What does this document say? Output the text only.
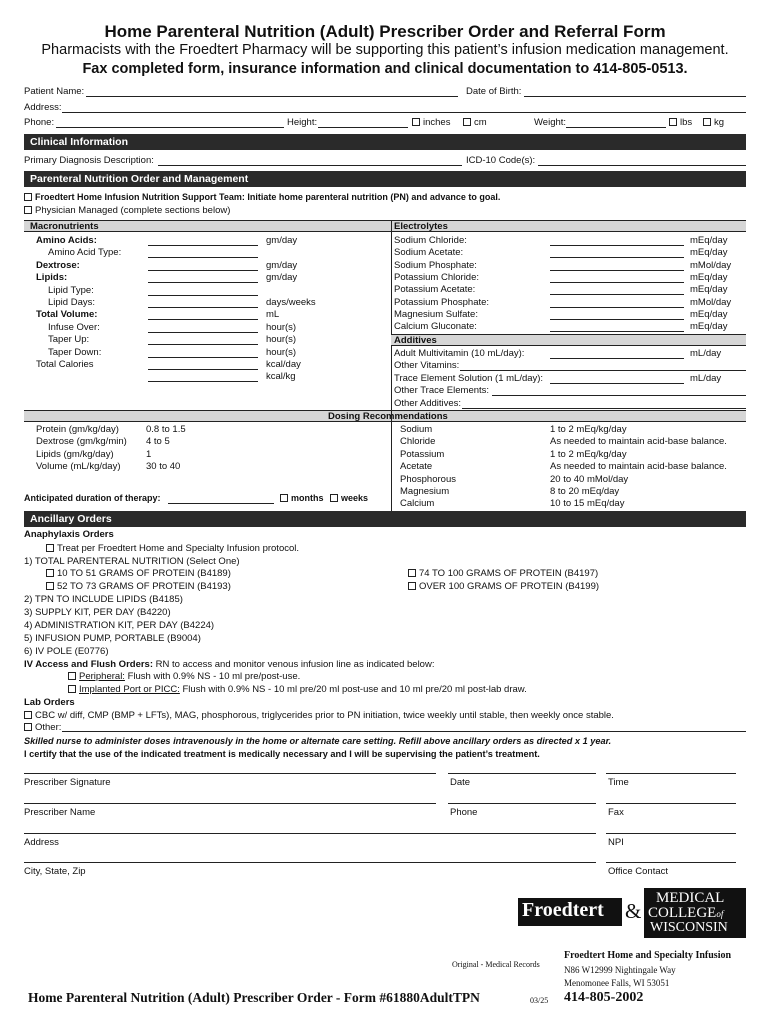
Home Parenteral Nutrition (Adult) Prescriber Order and Referral Form
Pharmacists with the Froedtert Pharmacy will be supporting this patient’s infusion medication management.
Fax completed form, insurance information and clinical documentation to 414-805-0513.
Patient Name:	Date of Birth:
Address:
Phone:	Height:	inches	cm	Weight:	lbs	kg
Clinical Information
Primary Diagnosis Description:	ICD-10 Code(s):
Parenteral Nutrition Order and Management
Froedtert Home Infusion Nutrition Support Team: Initiate home parenteral nutrition (PN) and advance to goal.
Physician Managed (complete sections below)
Macronutrients	Electrolytes
Amino Acids:	gm/day
Amino Acid Type:
Dextrose:	gm/day
Lipids:	gm/day
Lipid Type:
Lipid Days:	days/weeks
Total Volume:	mL
Infuse Over:	hour(s)
Taper Up:	hour(s)
Taper Down:	hour(s)
Total Calories	kcal/day
kcal/kg
Sodium Chloride:	mEq/day
Sodium Acetate:	mEq/day
Sodium Phosphate:	mMol/day
Potassium Chloride:	mEq/day
Potassium Acetate:	mEq/day
Potassium Phosphate:	mMol/day
Magnesium Sulfate:	mEq/day
Calcium Gluconate:	mEq/day
Additives
Adult Multivitamin (10 mL/day):	mL/day
Other Vitamins:
Trace Element Solution (1 mL/day):	mL/day
Other Trace Elements:
Other Additives:
Dosing Recommendations
Protein (gm/kg/day)	0.8 to 1.5
Dextrose (gm/kg/min) 4 to 5
Lipids (gm/kg/day)	1
Volume (mL/kg/day)	30 to 40
Sodium	1 to 2 mEq/kg/day
Chloride	As needed to maintain acid-base balance.
Potassium	1 to 2 mEq/kg/day
Acetate	As needed to maintain acid-base balance.
Phosphorous	20 to 40 mMol/day
Magnesium	8 to 20 mEq/day
Calcium	10 to 15 mEq/day
Anticipated duration of therapy:	months	weeks
Ancillary Orders
Anaphylaxis Orders
Treat per Froedtert Home and Specialty Infusion protocol.
1) TOTAL PARENTERAL NUTRITION (Select One)
10 TO 51 GRAMS OF PROTEIN (B4189)
52 TO 73 GRAMS OF PROTEIN (B4193)
74 TO 100 GRAMS OF PROTEIN (B4197)
OVER 100 GRAMS OF PROTEIN (B4199)
2) TPN TO INCLUDE LIPIDS (B4185)
3) SUPPLY KIT, PER DAY (B4220)
4) ADMINISTRATION KIT, PER DAY (B4224)
5) INFUSION PUMP, PORTABLE (B9004)
6) IV POLE (E0776)
IV Access and Flush Orders: RN to access and monitor venous infusion line as indicated below:
Peripheral: Flush with 0.9% NS - 10 ml pre/post-use.
Implanted Port or PICC: Flush with 0.9% NS - 10 ml pre/20 ml post-use and 10 ml pre/20 ml post-lab draw.
Lab Orders
CBC w/ diff, CMP (BMP + LFTs), MAG, phosphorous, triglycerides prior to PN initiation, twice weekly until stable, then weekly once stable.
Other:
Skilled nurse to administer doses intravenously in the home or alternate care setting. Refill above ancillary orders as directed x 1 year.
I certify that the use of the indicated treatment is medically necessary and I will be supervising the patient’s treatment.
Prescriber Signature	Date	Time
Prescriber Name	Phone	Fax
Address	NPI
City, State, Zip	Office Contact
Froedtert &
MEDICAL
COLLEGEof
WISCONSIN
Original - Medical Records
Froedtert Home and Specialty Infusion
N86 W12999 Nightingale Way
Menomonee Falls, WI 53051
414-805-2002
Home Parenteral Nutrition (Adult) Prescriber Order - Form #61880AdultTPN	03/25
